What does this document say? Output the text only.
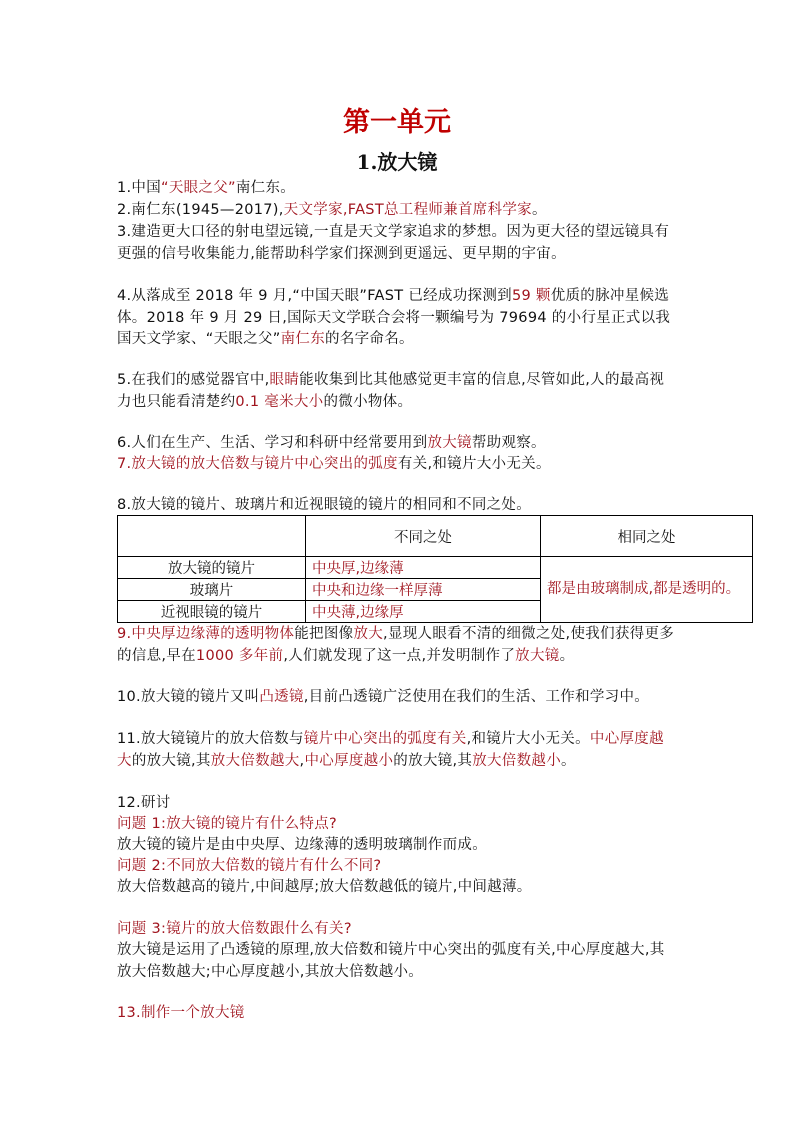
第一单元
1.放大镜
1.中国“天眼之父”南仁东。
2.南仁东(1945—2017),天文学家,FAST总工程师兼首席科学家。
3.建造更大口径的射电望远镜,一直是天文学家追求的梦想。因为更大径的望远镜具有更强的信号收集能力,能帮助科学家们探测到更遥远、更早期的宇宙。
4.从落成至 2018 年 9 月,“中国天眼”FAST 已经成功探测到59 颗优质的脉冲星候选体。2018 年 9 月 29 日,国际天文学联合会将一颗编号为 79694 的小行星正式以我国天文学家、“天眼之父”南仁东的名字命名。
5.在我们的感觉器官中,眼睛能收集到比其他感觉更丰富的信息,尽管如此,人的最高视力也只能看清楚约0.1 毫米大小的微小物体。
6.人们在生产、生活、学习和科研中经常要用到放大镜帮助观察。
7.放大镜的放大倍数与镜片中心突出的弧度有关,和镜片大小无关。
8.放大镜的镜片、玻璃片和近视眼镜的镜片的相同和不同之处。
	不同之处	相同之处
放大镜的镜片	中央厚,边缘薄	都是由玻璃制成,都是透明的。
玻璃片	中央和边缘一样厚薄	
近视眼镜的镜片	中央薄,边缘厚	
9.中央厚边缘薄的透明物体能把图像放大,显现人眼看不清的细微之处,使我们获得更多的信息,早在1000 多年前,人们就发现了这一点,并发明制作了放大镜。
10.放大镜的镜片又叫凸透镜,目前凸透镜广泛使用在我们的生活、工作和学习中。
11.放大镜镜片的放大倍数与镜片中心突出的弧度有关,和镜片大小无关。中心厚度越大的放大镜,其放大倍数越大,中心厚度越小的放大镜,其放大倍数越小。
12.研讨
问题 1:放大镜的镜片有什么特点?
放大镜的镜片是由中央厚、边缘薄的透明玻璃制作而成。
问题 2:不同放大倍数的镜片有什么不同?
放大倍数越高的镜片,中间越厚;放大倍数越低的镜片,中间越薄。
问题 3:镜片的放大倍数跟什么有关?
放大镜是运用了凸透镜的原理,放大倍数和镜片中心突出的弧度有关,中心厚度越大,其放大倍数越大;中心厚度越小,其放大倍数越小。
13.制作一个放大镜
